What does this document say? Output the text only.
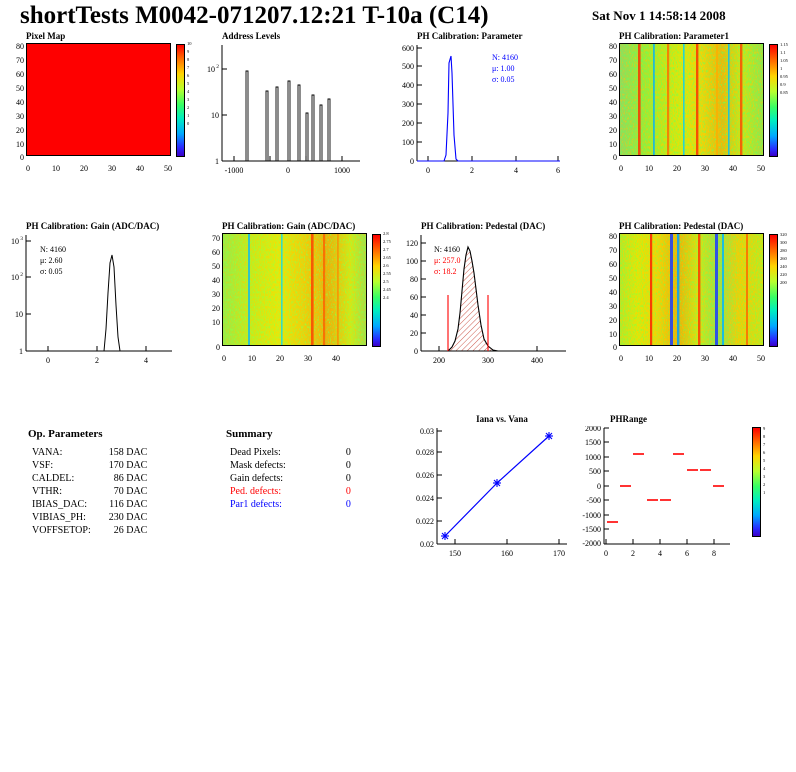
shortTests M0042-071207.12:21 T-10a (C14)	Sat Nov 1 14:58:14 2008
Pixel Map
10
9
8
7
6
5
4
3
2
1
0
0	10	20	30	40	50
80
70
60
50
40
30
20
10
0
Address Levels
-1000	0	1000
1
10
10 2
PH Calibration: Parameter
0	2	4	6
0
100
200
300
400
500
600
N: 4160
μ: 1.00
σ: 0.05
PH Calibration: Parameter1
1.15
1.1
1.05
1
0.95
0.9
0.85
0	10	20	30	40	50
80
70
60
50
40
30
20
10
0
PH Calibration: Gain (ADC/DAC)
0	2	4
1
10
10 2
10 3
N: 4160
μ: 2.60
σ: 0.05
PH Calibration: Gain (ADC/DAC)
2.8
2.75
2.7
2.65
2.6
2.55
2.5
2.45
2.4
0	10	20	30	40
70
60
50
40
30
20
10
0
PH Calibration: Pedestal (DAC)
200	300	400
0
20
40
60
80
100
120
N: 4160
μ: 257.0
σ: 18.2
PH Calibration: Pedestal (DAC)
320
300
280
260
240
220
200
0	10	20	30	40	50
80
70
60
50
40
30
20
10
0
Op. Parameters
VANA:	158 DAC
VSF:	170 DAC
CALDEL:	86 DAC
VTHR:	70 DAC
IBIAS_DAC:	116 DAC
VIBIAS_PH:	230 DAC
VOFFSETOP:	26 DAC
Summary
Dead Pixels:	0
Mask defects:	0
Gain defects:	0
Ped. defects:	0
Par1 defects:	0
Iana vs. Vana
150	160	170
0.02
0.022
0.024
0.026
0.028
0.03
PHRange
0	2	4	6	8
2000
1500
1000
500
0
-500
-1000
-1500
-2000
9
8
7
6
5
4
3
2
1
